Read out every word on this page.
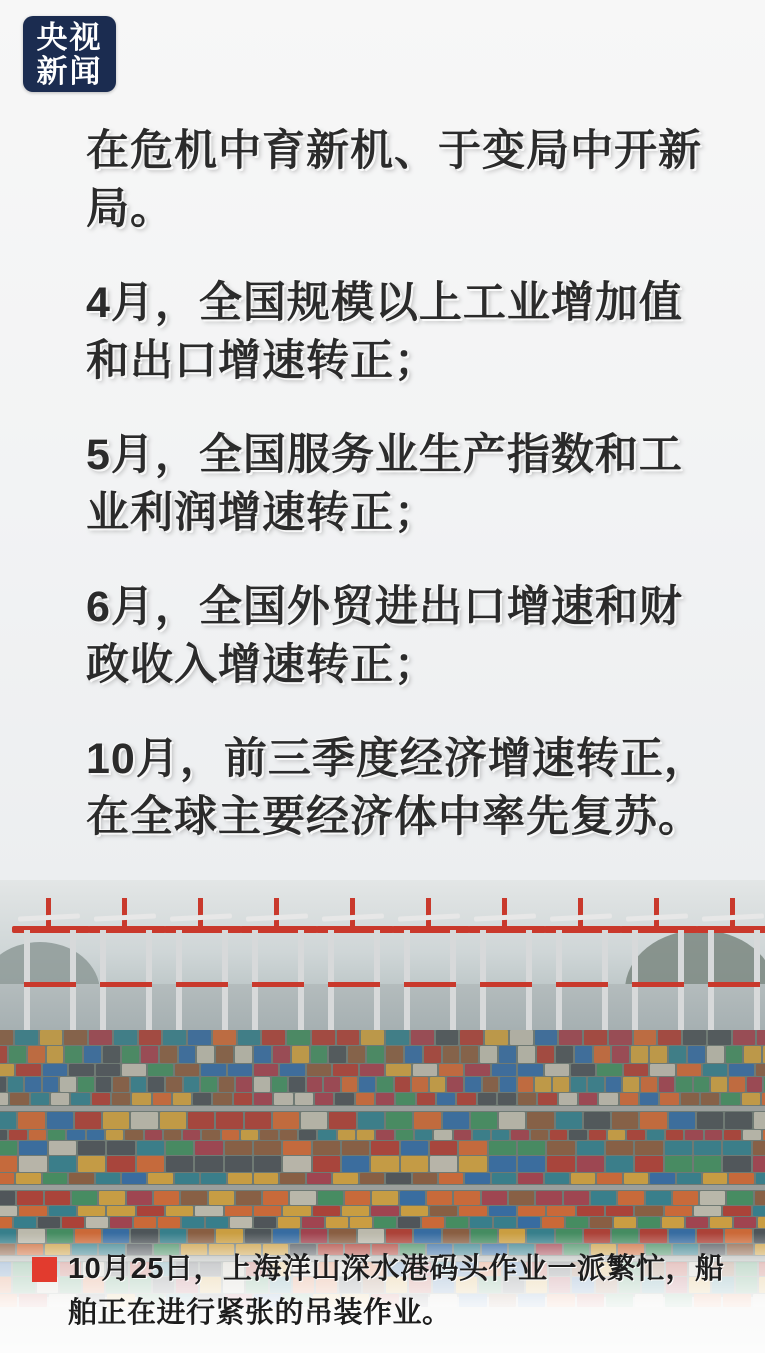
央视
新闻

在危机中育新机、于变局中开新局。

4月，全国规模以上工业增加值和出口增速转正；

5月，全国服务业生产指数和工业利润增速转正；

6月，全国外贸进出口增速和财政收入增速转正；

10月，前三季度经济增速转正，在全球主要经济体中率先复苏。

10月25日，上海洋山深水港码头作业一派繁忙，船舶正在进行紧张的吊装作业。
